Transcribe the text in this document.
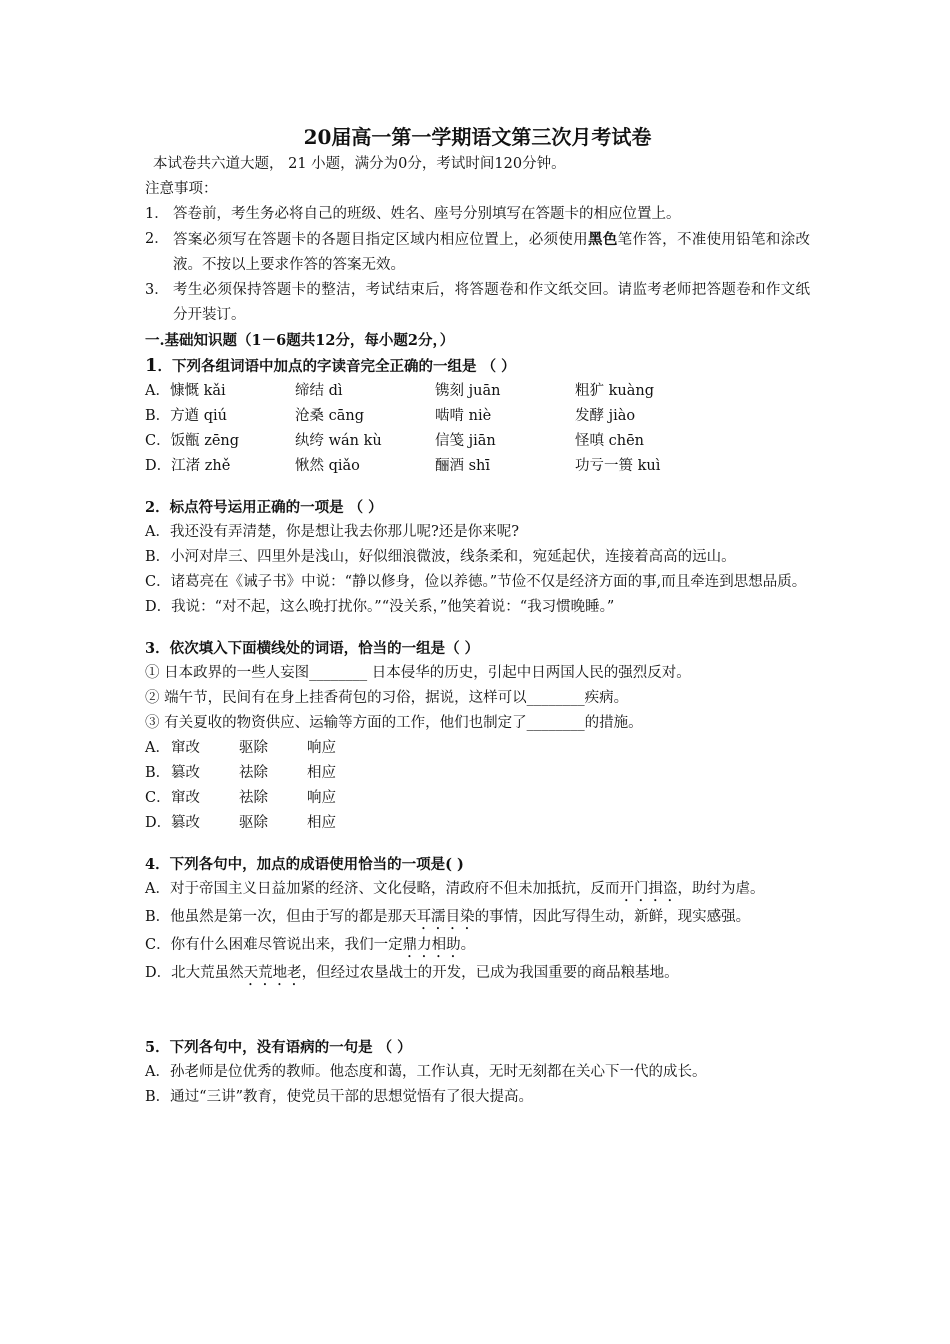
20届高一第一学期语文第三次月考试卷
本试卷共六道大题， 21 小题，满分为0分，考试时间120分钟。
注意事项：
1． 答卷前，考生务必将自己的班级、姓名、座号分别填写在答题卡的相应位置上。
2． 答案必须写在答题卡的各题目指定区域内相应位置上，必须使用黑色笔作答，不准使用铅笔和涂改液。不按以上要求作答的答案无效。
3． 考生必须保持答题卡的整洁，考试结束后，将答题卷和作文纸交回。请监考老师把答题卷和作文纸分开装订。
一.基础知识题（1－6题共12分，每小题2分，）
1．下列各组词语中加点的字读音完全正确的一组是 （ ）
A．慷慨 kǎi	缔结 dì	镌刻 juān	粗犷 kuàng
B．方遒 qiú	沧桑 cāng	啮啃 niè	发酵 jiào
C．饭甑 zēng	纨绔 wán kù	信笺 jiān	怪嗔 chēn
D．江渚 zhě	愀然 qiǎo	酾酒 shī	功亏一篑 kuì
2．标点符号运用正确的一项是 （ ）
A．我还没有弄清楚，你是想让我去你那儿呢?还是你来呢?
B．小河对岸三、四里外是浅山，好似细浪微波，线条柔和，宛延起伏，连接着高高的远山。
C．诸葛亮在《诫子书》中说：“静以修身，俭以养德。”节俭不仅是经济方面的事,而且牵连到思想品质。
D．我说：“对不起，这么晚打扰你。”“没关系，”他笑着说：“我习惯晚睡。”
3．依次填入下面横线处的词语，恰当的一组是（ ）
① 日本政界的一些人妄图________ 日本侵华的历史，引起中日两国人民的强烈反对。
② 端午节，民间有在身上挂香荷包的习俗，据说，这样可以________疾病。
③ 有关夏收的物资供应、运输等方面的工作，他们也制定了________的措施。
A．窜改	驱除	响应
B．篡改	祛除	相应
C．窜改	祛除	响应
D．篡改	驱除	相应
4．下列各句中，加点的成语使用恰当的一项是( )
A．对于帝国主义日益加紧的经济、文化侵略，清政府不但未加抵抗，反而开门揖盗，助纣为虐。
B．他虽然是第一次，但由于写的都是那天耳濡目染的事情，因此写得生动，新鲜，现实感强。
C．你有什么困难尽管说出来，我们一定鼎力相助。
D．北大荒虽然天荒地老，但经过农垦战士的开发，已成为我国重要的商品粮基地。
5．下列各句中，没有语病的一句是 （ ）
A．孙老师是位优秀的教师。他态度和蔼，工作认真，无时无刻都在关心下一代的成长。
B．通过“三讲”教育，使党员干部的思想觉悟有了很大提高。
